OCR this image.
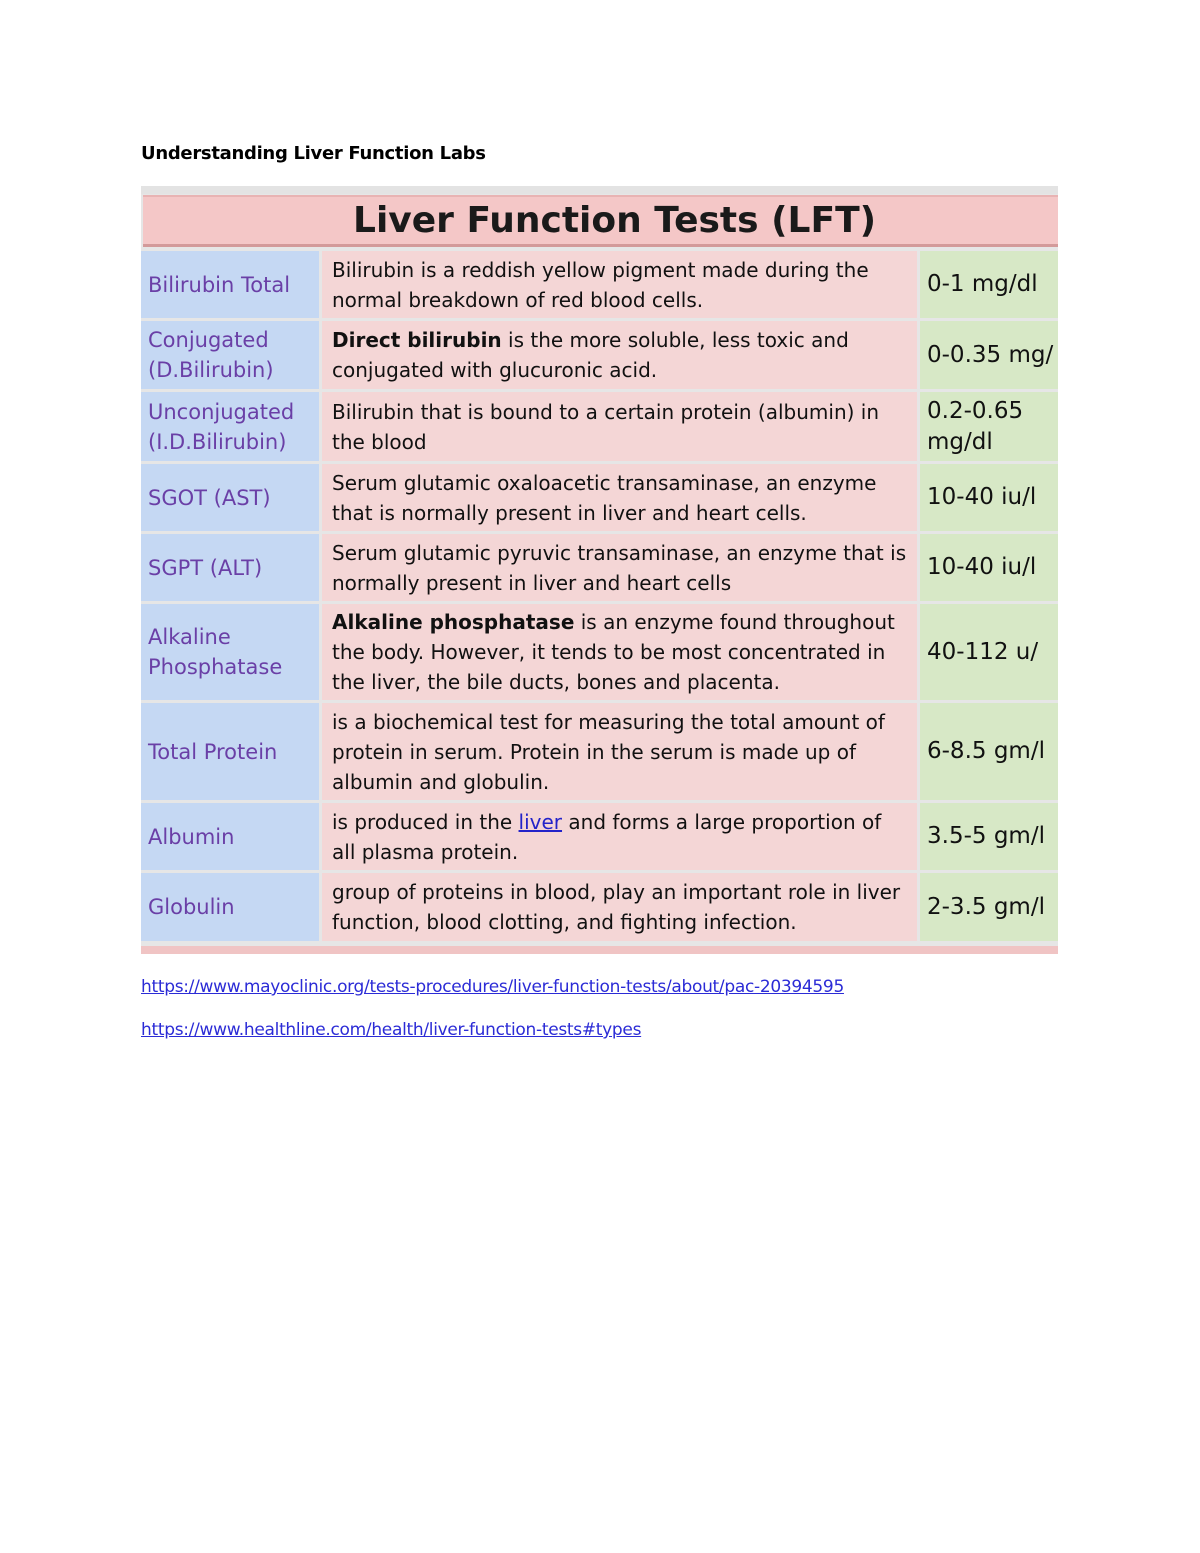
Understanding Liver Function Labs
Liver Function Tests (LFT)
Bilirubin Total
Bilirubin is a reddish yellow pigment made during the normal breakdown of red blood cells.
0-1 mg/dl
Conjugated (D.Bilirubin)
Direct bilirubin is the more soluble, less toxic and conjugated with glucuronic acid.
0-0.35 mg/
Unconjugated (I.D.Bilirubin)
Bilirubin that is bound to a certain protein (albumin) in the blood
0.2-0.65
mg/dl
SGOT (AST)
Serum glutamic oxaloacetic transaminase, an enzyme that is normally present in liver and heart cells.
10-40 iu/l
SGPT (ALT)
Serum glutamic pyruvic transaminase, an enzyme that is normally present in liver and heart cells
10-40 iu/l
Alkaline Phosphatase
Alkaline phosphatase is an enzyme found throughout the body. However, it tends to be most concentrated in the liver, the bile ducts, bones and placenta.
40-112 u/
Total Protein
is a biochemical test for measuring the total amount of protein in serum. Protein in the serum is made up of albumin and globulin.
6-8.5 gm/l
Albumin
is produced in the liver and forms a large proportion of all plasma protein.
3.5-5 gm/l
Globulin
group of proteins in blood, play an important role in liver function, blood clotting, and fighting infection.
2-3.5 gm/l
https://www.mayoclinic.org/tests-procedures/liver-function-tests/about/pac-20394595
https://www.healthline.com/health/liver-function-tests#types
